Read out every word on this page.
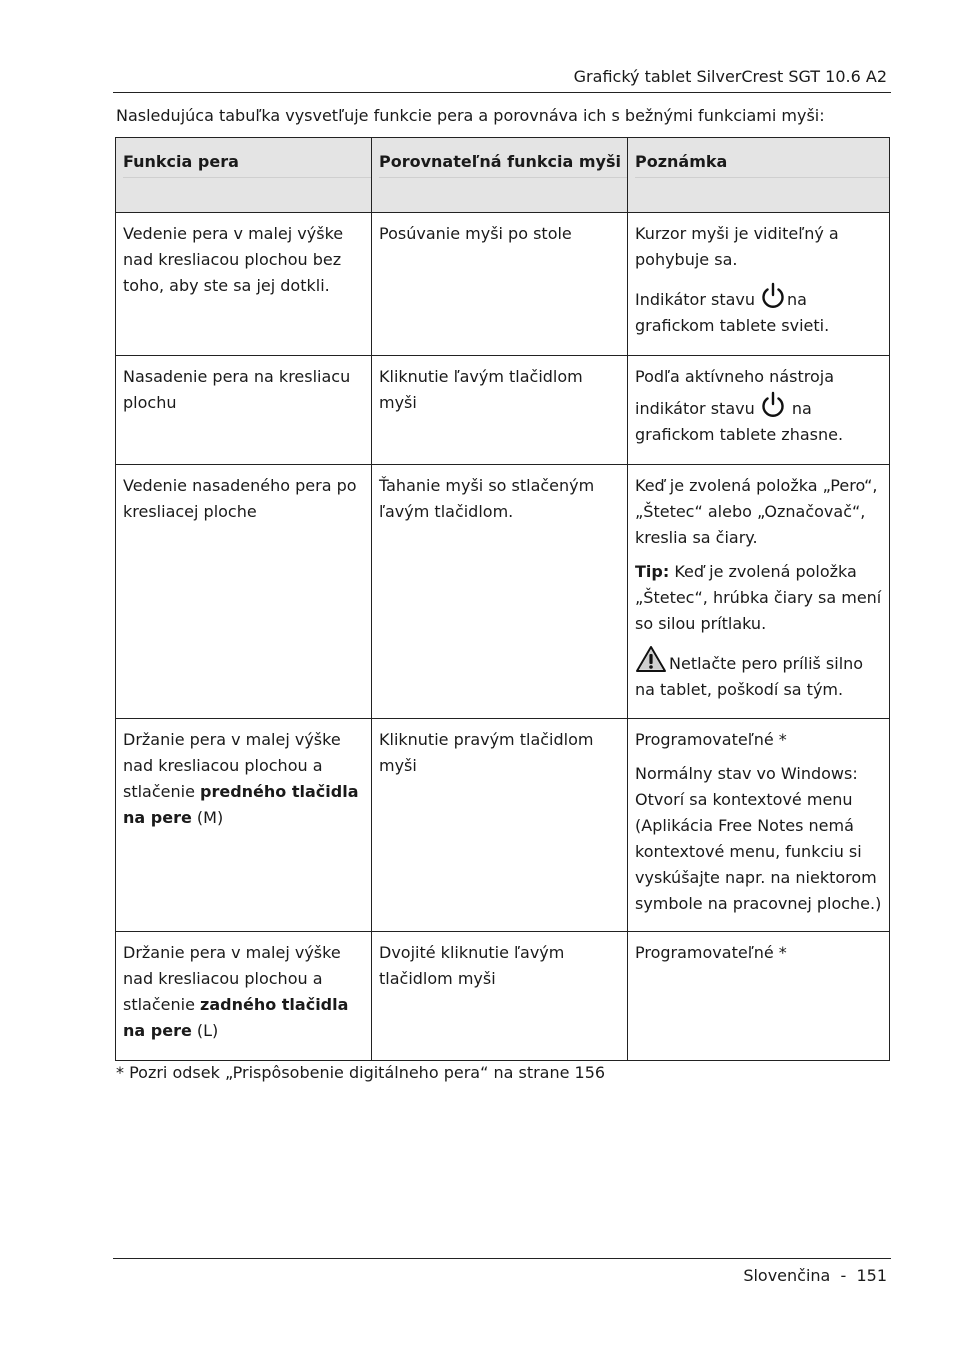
Grafický tablet SilverCrest SGT 10.6 A2
Nasledujúca tabuľka vysvetľuje funkcie pera a porovnáva ich s bežnými funkciami myši:
Funkcia pera	Porovnateľná funkcia myši	Poznámka

Vedenie pera v malej výške nad kresliacou plochou bez toho, aby ste sa jej dotkli.	Posúvanie myši po stole	Kurzor myši je viditeľný a pohybuje sa.
Indikátor stavu na grafickom tablete svieti.

Nasadenie pera na kresliacu plochu	Kliknutie ľavým tlačidlom myši	Podľa aktívneho nástroja
indikátor stavu na grafickom tablete zhasne.

Vedenie nasadeného pera po kresliacej ploche	Ťahanie myši so stlačeným ľavým tlačidlom.	Keď je zvolená položka „Pero“, „Štetec“ alebo „Označovač“, kreslia sa čiary.
Tip: Keď je zvolená položka „Štetec“, hrúbka čiary sa mení so silou prítlaku.
Netlačte pero príliš silno na tablet, poškodí sa tým.

Držanie pera v malej výške nad kresliacou plochou a stlačenie predného tlačidla na pere (M)	Kliknutie pravým tlačidlom myši	Programovateľné *
Normálny stav vo Windows: Otvorí sa kontextové menu (Aplikácia Free Notes nemá kontextové menu, funkciu si vyskúšajte napr. na niektorom symbole na pracovnej ploche.)

Držanie pera v malej výške nad kresliacou plochou a stlačenie zadného tlačidla na pere (L)	Dvojité kliknutie ľavým tlačidlom myši	Programovateľné *
* Pozri odsek „Prispôsobenie digitálneho pera“ na strane 156
Slovenčina  -  151
